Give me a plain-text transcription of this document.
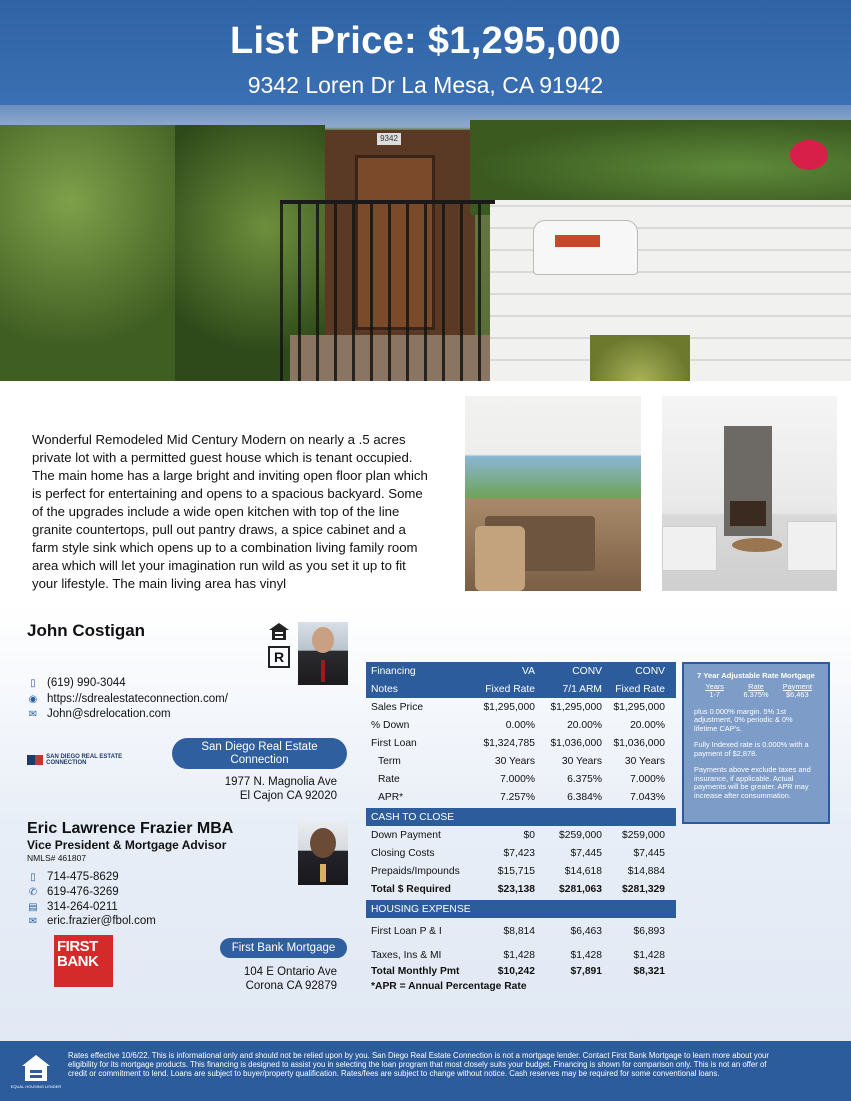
List Price: $1,295,000
9342 Loren Dr La Mesa, CA 91942
9342
Wonderful Remodeled Mid Century Modern on nearly a .5 acres private lot with a permitted guest house which is tenant occupied. The main home has a large bright and inviting open floor plan which is perfect for entertaining and opens to a spacious backyard. Some of the upgrades include a wide open kitchen with top of the line granite countertops, pull out pantry draws, a spice cabinet and a farm style sink which opens up to a combination living family room area which will let your imagination run wild as you set it up to fit your lifestyle. The main living area has vinyl
John Costigan
R
▯ (619) 990-3044
◉ https://sdrealestateconnection.com/
✉ John@sdrelocation.com
SAN DIEGO REAL ESTATE CONNECTION
San Diego Real Estate Connection
1977 N. Magnolia Ave
El Cajon CA 92020
Eric Lawrence Frazier MBA
Vice President & Mortgage Advisor
NMLS# 461807
▯ 714-475-8629
✆ 619-476-3269
▤ 314-264-0211
✉ eric.frazier@fbol.com
FIRST
BANK
First Bank Mortgage
104 E Ontario Ave
Corona CA 92879
Financing	VA	CONV	CONV
Notes	Fixed Rate	7/1 ARM	Fixed Rate
Sales Price	$1,295,000	$1,295,000	$1,295,000
% Down	0.00%	20.00%	20.00%
First Loan	$1,324,785	$1,036,000	$1,036,000
Term	30 Years	30 Years	30 Years
Rate	7.000%	6.375%	7.000%
APR*	7.257%	6.384%	7.043%
CASH TO CLOSE
Down Payment	$0	$259,000	$259,000
Closing Costs	$7,423	$7,445	$7,445
Prepaids/Impounds	$15,715	$14,618	$14,884
Total $ Required	$23,138	$281,063	$281,329
HOUSING EXPENSE
First Loan P & I	$8,814	$6,463	$6,893
Taxes, Ins & MI	$1,428	$1,428	$1,428
Total Monthly Pmt	$10,242	$7,891	$8,321
*APR = Annual Percentage Rate
7 Year Adjustable Rate Mortgage
Years	Rate	Payment
1-7	6.375%	$6,463

plus 0.000% margin. 5% 1st adjustment, 0% periodic & 0% lifetime CAP's.

Fully Indexed rate is 0.000% with a payment of $2,878.

Payments above exclude taxes and insurance, if applicable. Actual payments will be greater. APR may increase after consummation.

EQUAL HOUSING LENDER
Rates effective 10/6/22. This is informational only and should not be relied upon by you. San Diego Real Estate Connection is not a mortgage lender. Contact First Bank Mortgage to learn more about your eligibility for its mortgage products. This financing is designed to assist you in selecting the loan program that most closely suits your budget. Financing is shown for comparison only. This is not an offer of credit or commitment to lend. Loans are subject to buyer/property qualification. Rates/fees are subject to change without notice. Cash reserves may be required for some conventional loans.
